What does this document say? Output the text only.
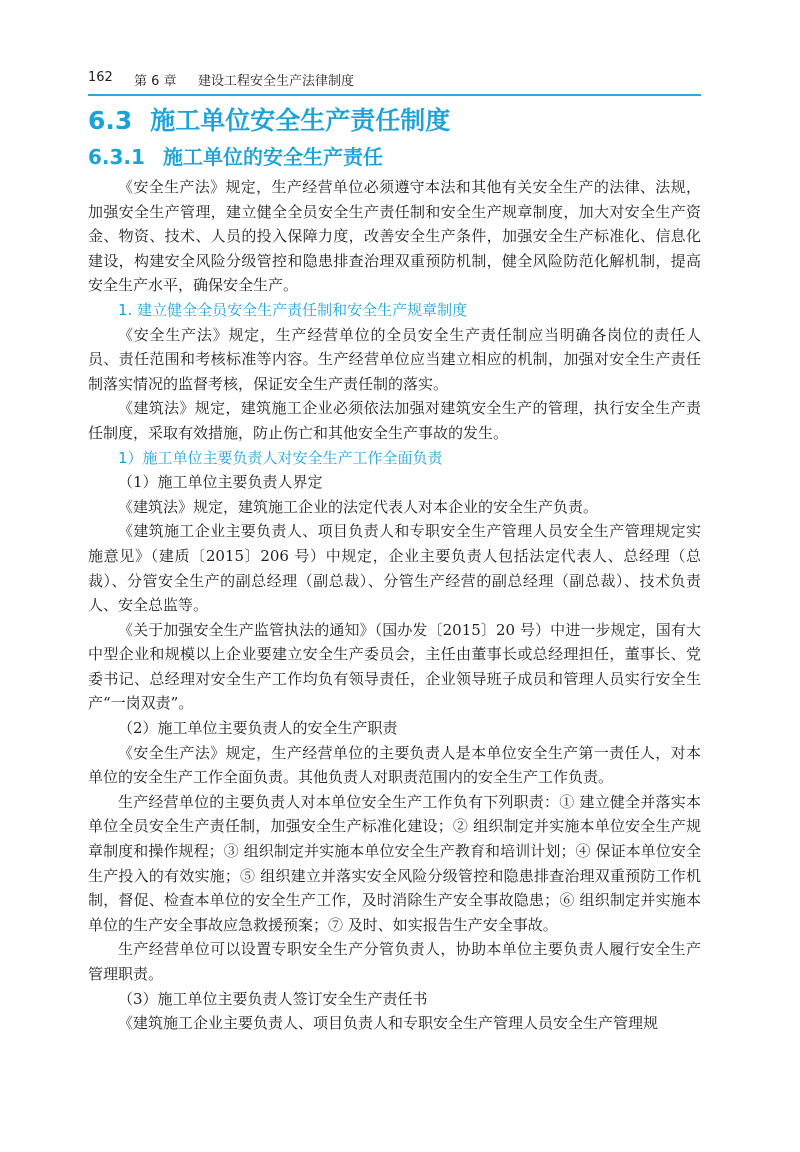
162 第 6 章 建设工程安全生产法律制度
6.3 施工单位安全生产责任制度
6.3.1 施工单位的安全生产责任

《安全生产法》规定，生产经营单位必须遵守本法和其他有关安全生产的法律、法规，加强安全生产管理，建立健全全员安全生产责任制和安全生产规章制度，加大对安全生产资金、物资、技术、人员的投入保障力度，改善安全生产条件，加强安全生产标准化、信息化建设，构建安全风险分级管控和隐患排查治理双重预防机制，健全风险防范化解机制，提高安全生产水平，确保安全生产。

1. 建立健全全员安全生产责任制和安全生产规章制度

《安全生产法》规定，生产经营单位的全员安全生产责任制应当明确各岗位的责任人员、责任范围和考核标准等内容。生产经营单位应当建立相应的机制，加强对安全生产责任制落实情况的监督考核，保证安全生产责任制的落实。

《建筑法》规定，建筑施工企业必须依法加强对建筑安全生产的管理，执行安全生产责任制度，采取有效措施，防止伤亡和其他安全生产事故的发生。

1）施工单位主要负责人对安全生产工作全面负责

（1）施工单位主要负责人界定

《建筑法》规定，建筑施工企业的法定代表人对本企业的安全生产负责。

《建筑施工企业主要负责人、项目负责人和专职安全生产管理人员安全生产管理规定实施意见》（建质〔2015〕206 号）中规定，企业主要负责人包括法定代表人、总经理（总裁）、分管安全生产的副总经理（副总裁）、分管生产经营的副总经理（副总裁）、技术负责人、安全总监等。

《关于加强安全生产监管执法的通知》（国办发〔2015〕20 号）中进一步规定，国有大中型企业和规模以上企业要建立安全生产委员会，主任由董事长或总经理担任，董事长、党委书记、总经理对安全生产工作均负有领导责任，企业领导班子成员和管理人员实行安全生产“一岗双责”。

（2）施工单位主要负责人的安全生产职责

《安全生产法》规定，生产经营单位的主要负责人是本单位安全生产第一责任人，对本单位的安全生产工作全面负责。其他负责人对职责范围内的安全生产工作负责。

生产经营单位的主要负责人对本单位安全生产工作负有下列职责：① 建立健全并落实本单位全员安全生产责任制，加强安全生产标准化建设；② 组织制定并实施本单位安全生产规章制度和操作规程；③ 组织制定并实施本单位安全生产教育和培训计划；④ 保证本单位安全生产投入的有效实施；⑤ 组织建立并落实安全风险分级管控和隐患排查治理双重预防工作机制，督促、检查本单位的安全生产工作，及时消除生产安全事故隐患；⑥ 组织制定并实施本单位的生产安全事故应急救援预案；⑦ 及时、如实报告生产安全事故。

生产经营单位可以设置专职安全生产分管负责人，协助本单位主要负责人履行安全生产管理职责。

（3）施工单位主要负责人签订安全生产责任书

《建筑施工企业主要负责人、项目负责人和专职安全生产管理人员安全生产管理规
